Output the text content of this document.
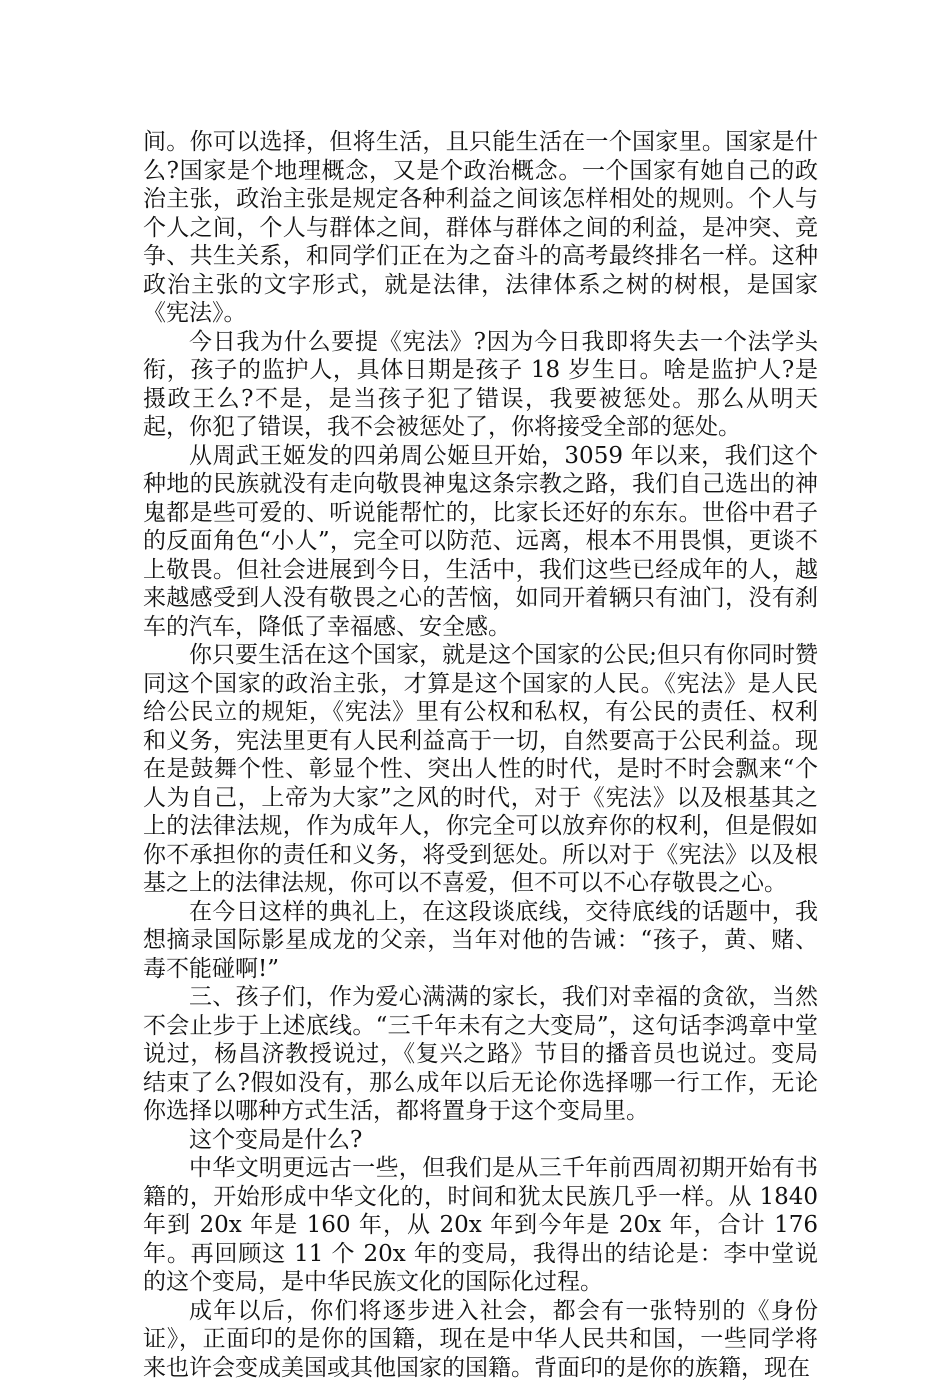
间。你可以选择，但将生活，且只能生活在一个国家里。国家是什么?国家是个地理概念，又是个政治概念。一个国家有她自己的政治主张，政治主张是规定各种利益之间该怎样相处的规则。个人与个人之间，个人与群体之间，群体与群体之间的利益，是冲突、竞争、共生关系，和同学们正在为之奋斗的高考最终排名一样。这种政治主张的文字形式，就是法律，法律体系之树的树根，是国家《宪法》。

今日我为什么要提《宪法》?因为今日我即将失去一个法学头衔，孩子的监护人，具体日期是孩子 18 岁生日。啥是监护人?是摄政王么?不是，是当孩子犯了错误，我要被惩处。那么从明天起，你犯了错误，我不会被惩处了，你将接受全部的惩处。

从周武王姬发的四弟周公姬旦开始，3059 年以来，我们这个种地的民族就没有走向敬畏神鬼这条宗教之路，我们自己选出的神鬼都是些可爱的、听说能帮忙的，比家长还好的东东。世俗中君子的反面角色“小人”，完全可以防范、远离，根本不用畏惧，更谈不上敬畏。但社会进展到今日，生活中，我们这些已经成年的人，越来越感受到人没有敬畏之心的苦恼，如同开着辆只有油门，没有刹车的汽车，降低了幸福感、安全感。

你只要生活在这个国家，就是这个国家的公民;但只有你同时赞同这个国家的政治主张，才算是这个国家的人民。《宪法》是人民给公民立的规矩，《宪法》里有公权和私权，有公民的责任、权利和义务，宪法里更有人民利益高于一切，自然要高于公民利益。现在是鼓舞个性、彰显个性、突出人性的时代，是时不时会飘来“个人为自己，上帝为大家”之风的时代，对于《宪法》以及根基其之上的法律法规，作为成年人，你完全可以放弃你的权利，但是假如你不承担你的责任和义务，将受到惩处。所以对于《宪法》以及根基之上的法律法规，你可以不喜爱，但不可以不心存敬畏之心。

在今日这样的典礼上，在这段谈底线，交待底线的话题中，我想摘录国际影星成龙的父亲，当年对他的告诫：“孩子，黄、赌、毒不能碰啊!”

三、孩子们，作为爱心满满的家长，我们对幸福的贪欲，当然不会止步于上述底线。“三千年未有之大变局”，这句话李鸿章中堂说过，杨昌济教授说过，《复兴之路》节目的播音员也说过。变局结束了么?假如没有，那么成年以后无论你选择哪一行工作，无论你选择以哪种方式生活，都将置身于这个变局里。

这个变局是什么?

中华文明更远古一些，但我们是从三千年前西周初期开始有书籍的，开始形成中华文化的，时间和犹太民族几乎一样。从 1840 年到 20x 年是 160 年，从 20x 年到今年是 20x 年，合计 176 年。再回顾这 11 个 20x 年的变局，我得出的结论是：李中堂说的这个变局，是中华民族文化的国际化过程。

成年以后，你们将逐步进入社会，都会有一张特别的《身份证》，正面印的是你的国籍，现在是中华人民共和国，一些同学将来也许会变成美国或其他国家的国籍。背面印的是你的族籍，现在
